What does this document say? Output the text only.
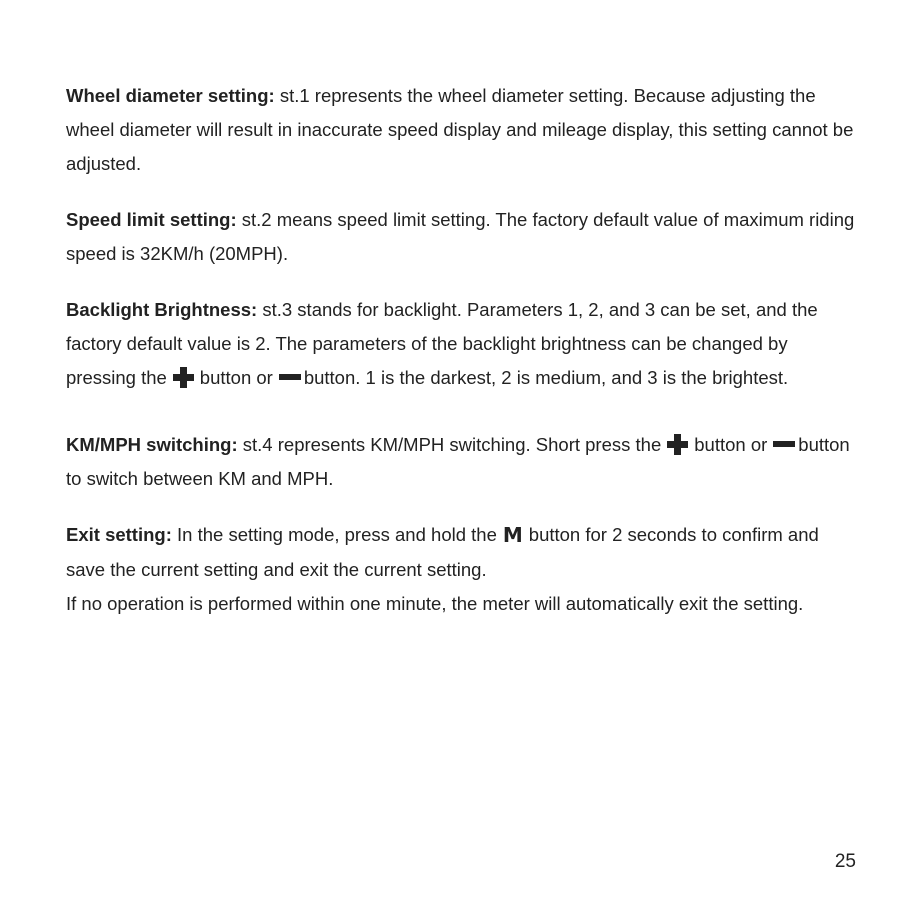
Wheel diameter setting: st.1 represents the wheel diameter setting. Because adjusting the wheel diameter will result in inaccurate speed display and mileage display, this setting cannot be adjusted.

Speed limit setting: st.2 means speed limit setting. The factory default value of maximum riding speed is 32KM/h (20MPH).

Backlight Brightness: st.3 stands for backlight. Parameters 1, 2, and 3 can be set, and the factory default value is 2. The parameters of the backlight brightness can be changed by pressing the button or button. 1 is the darkest, 2 is medium, and 3 is the brightest.

KM/MPH switching: st.4 represents KM/MPH switching. Short press the button or button to switch between KM and MPH.

Exit setting: In the setting mode, press and hold the M button for 2 seconds to confirm and save the current setting and exit the current setting.
If no operation is performed within one minute, the meter will automatically exit the setting.

25
